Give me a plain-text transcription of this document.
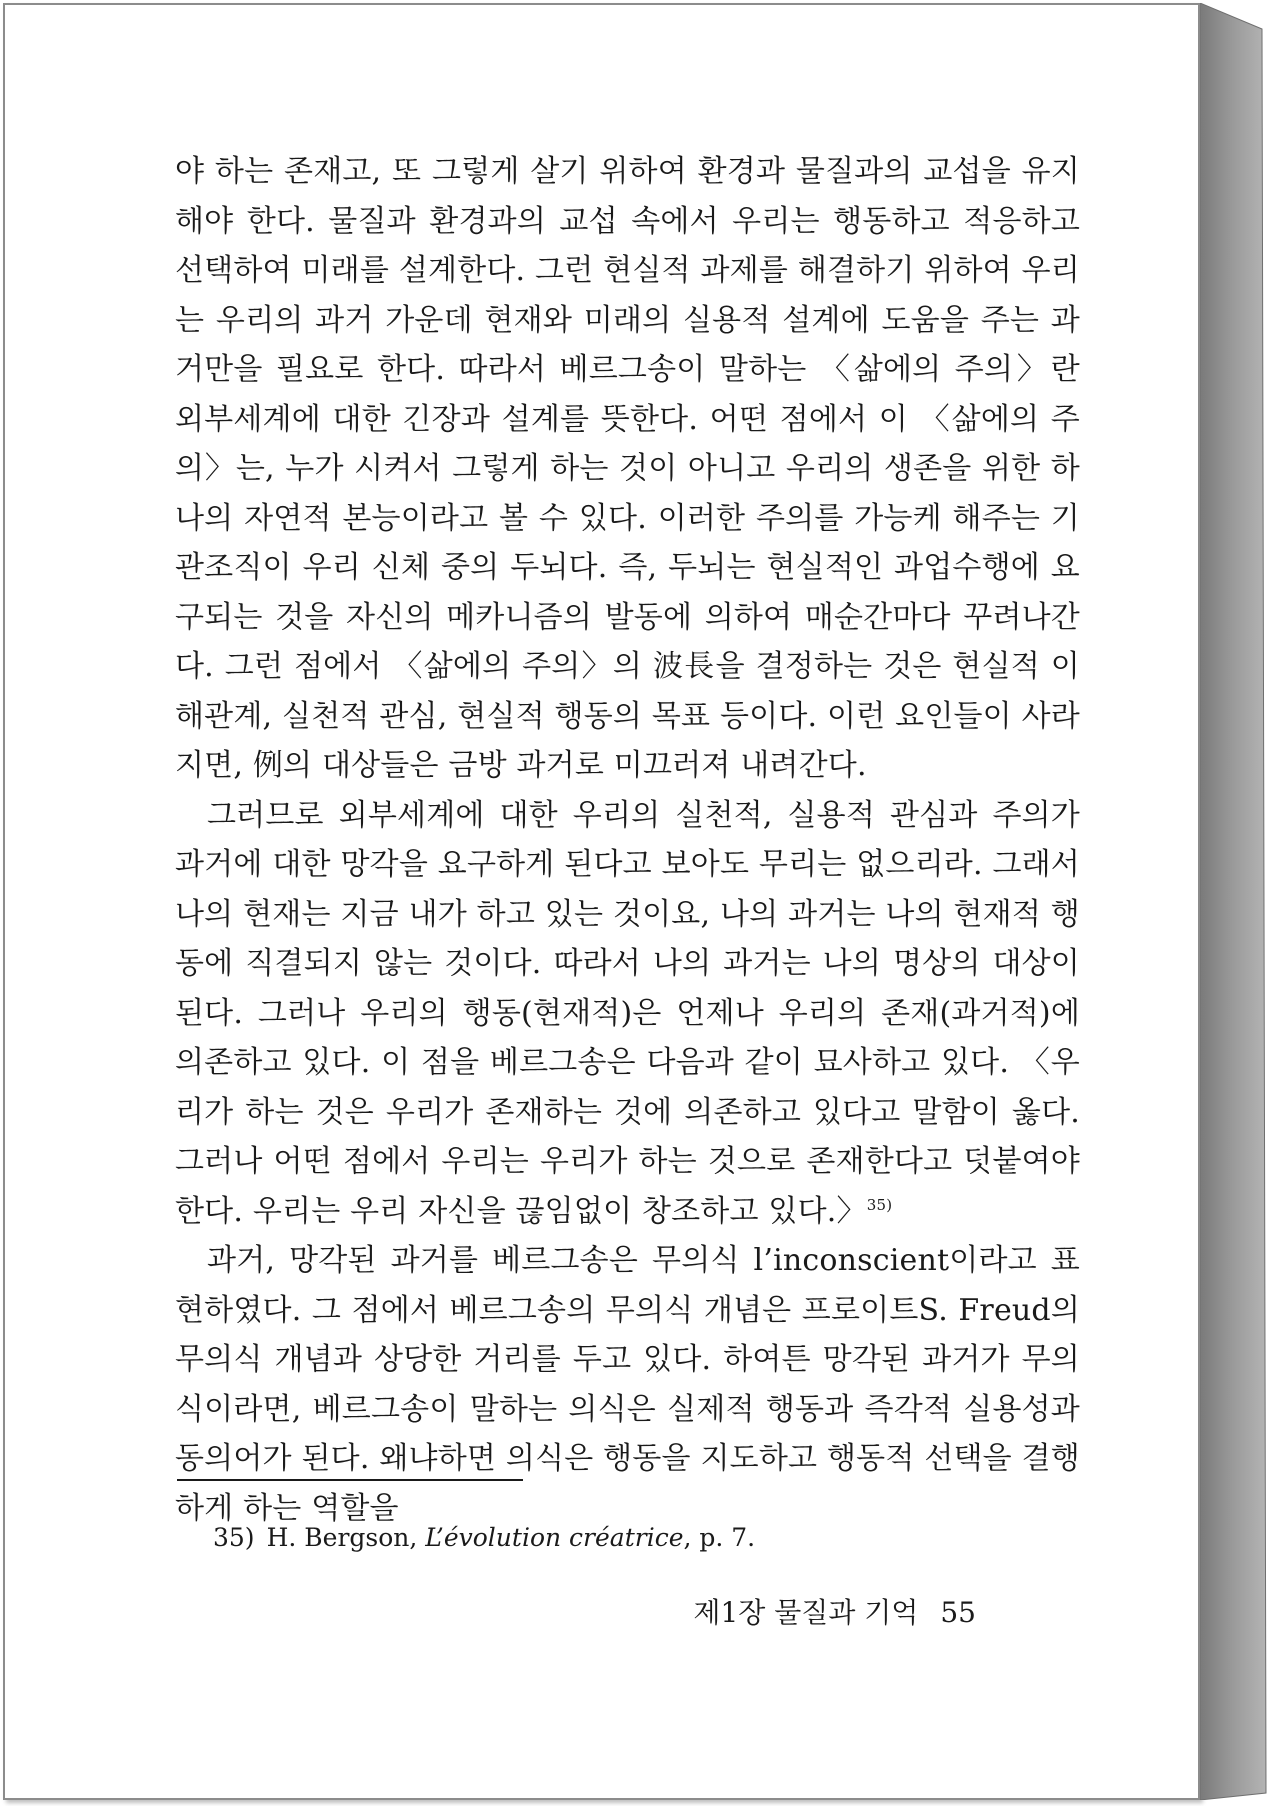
야 하는 존재고, 또 그렇게 살기 위하여 환경과 물질과의 교섭을 유지해야 한다. 물질과 환경과의 교섭 속에서 우리는 행동하고 적응하고 선택하여 미래를 설계한다. 그런 현실적 과제를 해결하기 위하여 우리는 우리의 과거 가운데 현재와 미래의 실용적 설계에 도움을 주는 과거만을 필요로 한다. 따라서 베르그송이 말하는 〈삶에의 주의〉란 외부세계에 대한 긴장과 설계를 뜻한다. 어떤 점에서 이 〈삶에의 주의〉는, 누가 시켜서 그렇게 하는 것이 아니고 우리의 생존을 위한 하나의 자연적 본능이라고 볼 수 있다. 이러한 주의를 가능케 해주는 기관조직이 우리 신체 중의 두뇌다. 즉, 두뇌는 현실적인 과업수행에 요구되는 것을 자신의 메카니즘의 발동에 의하여 매순간마다 꾸려나간다. 그런 점에서 〈삶에의 주의〉의 波長을 결정하는 것은 현실적 이해관계, 실천적 관심, 현실적 행동의 목표 등이다. 이런 요인들이 사라지면, 例의 대상들은 금방 과거로 미끄러져 내려간다.

그러므로 외부세계에 대한 우리의 실천적, 실용적 관심과 주의가 과거에 대한 망각을 요구하게 된다고 보아도 무리는 없으리라. 그래서 나의 현재는 지금 내가 하고 있는 것이요, 나의 과거는 나의 현재적 행동에 직결되지 않는 것이다. 따라서 나의 과거는 나의 명상의 대상이 된다. 그러나 우리의 행동(현재적)은 언제나 우리의 존재(과거적)에 의존하고 있다. 이 점을 베르그송은 다음과 같이 묘사하고 있다. 〈우리가 하는 것은 우리가 존재하는 것에 의존하고 있다고 말함이 옳다. 그러나 어떤 점에서 우리는 우리가 하는 것으로 존재한다고 덧붙여야 한다. 우리는 우리 자신을 끊임없이 창조하고 있다.〉$^{35)}$

과거, 망각된 과거를 베르그송은 무의식 l’inconscient이라고 표현하였다. 그 점에서 베르그송의 무의식 개념은 프로이트S. Freud의 무의식 개념과 상당한 거리를 두고 있다. 하여튼 망각된 과거가 무의식이라면, 베르그송이 말하는 의식은 실제적 행동과 즉각적 실용성과 동의어가 된다. 왜냐하면 의식은 행동을 지도하고 행동적 선택을 결행하게 하는 역할을

35) H. Bergson, L’évolution créatrice, p. 7.
제1장 물질과 기억 55
